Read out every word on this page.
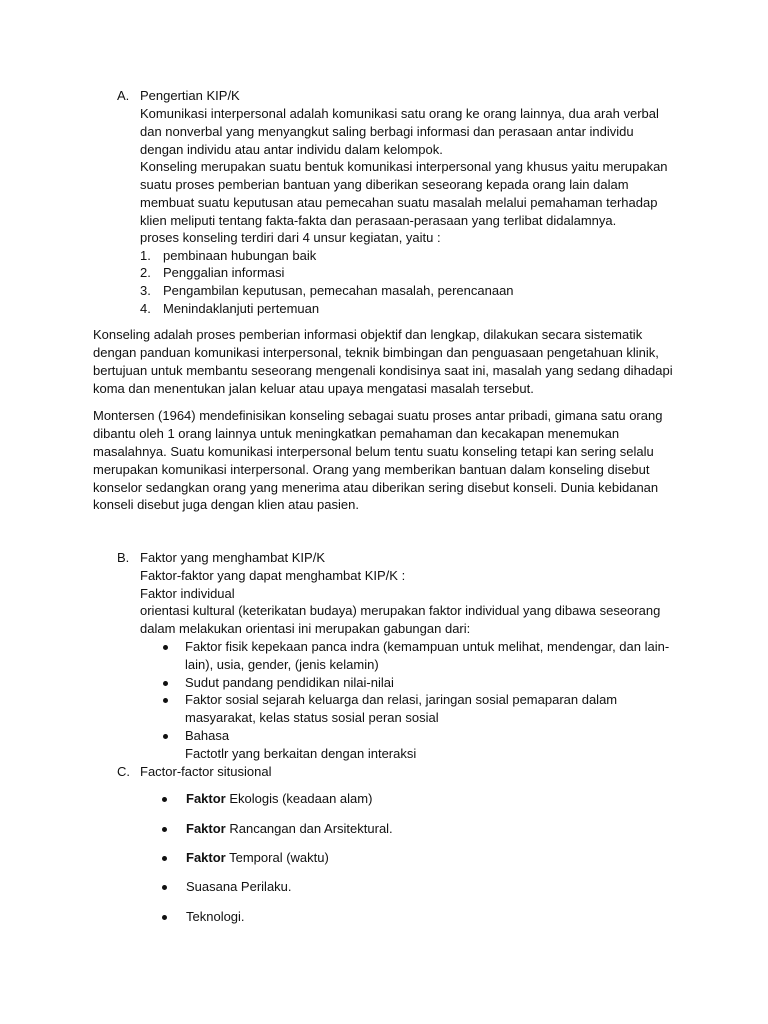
A. Pengertian KIP/K
Komunikasi interpersonal adalah komunikasi satu orang ke orang lainnya, dua arah verbal
dan nonverbal yang menyangkut saling berbagi informasi dan perasaan antar individu
dengan individu atau antar individu dalam kelompok.
Konseling merupakan suatu bentuk komunikasi interpersonal yang khusus yaitu merupakan
suatu proses pemberian bantuan yang diberikan seseorang kepada orang lain dalam
membuat suatu keputusan atau pemecahan suatu masalah melalui pemahaman terhadap
klien meliputi tentang fakta-fakta dan perasaan-perasaan yang terlibat didalamnya.
proses konseling terdiri dari 4 unsur kegiatan, yaitu :
1. pembinaan hubungan baik
2. Penggalian informasi
3. Pengambilan keputusan, pemecahan masalah, perencanaan
4. Menindaklanjuti pertemuan
Konseling adalah proses pemberian informasi objektif dan lengkap, dilakukan secara sistematik
dengan panduan komunikasi interpersonal, teknik bimbingan dan penguasaan pengetahuan klinik,
bertujuan untuk membantu seseorang mengenali kondisinya saat ini, masalah yang sedang dihadapi
koma dan menentukan jalan keluar atau upaya mengatasi masalah tersebut.
Montersen (1964) mendefinisikan konseling sebagai suatu proses antar pribadi, gimana satu orang
dibantu oleh 1 orang lainnya untuk meningkatkan pemahaman dan kecakapan menemukan
masalahnya. Suatu komunikasi interpersonal belum tentu suatu konseling tetapi kan sering selalu
merupakan komunikasi interpersonal. Orang yang memberikan bantuan dalam konseling disebut
konselor sedangkan orang yang menerima atau diberikan sering disebut konseli. Dunia kebidanan
konseli disebut juga dengan klien atau pasien.
B. Faktor yang menghambat KIP/K
Faktor-faktor yang dapat menghambat KIP/K :
Faktor individual
orientasi kultural (keterikatan budaya) merupakan faktor individual yang dibawa seseorang
dalam melakukan orientasi ini merupakan gabungan dari:
Faktor fisik kepekaan panca indra (kemampuan untuk melihat, mendengar, dan lain-
lain), usia, gender, (jenis kelamin)
Sudut pandang pendidikan nilai-nilai
Faktor sosial sejarah keluarga dan relasi, jaringan sosial pemaparan dalam
masyarakat, kelas status sosial peran sosial
Bahasa
Factotlr yang berkaitan dengan interaksi
C. Factor-factor situsional
Faktor Ekologis (keadaan alam)
Faktor Rancangan dan Arsitektural.
Faktor Temporal (waktu)
Suasana Perilaku.
Teknologi.
